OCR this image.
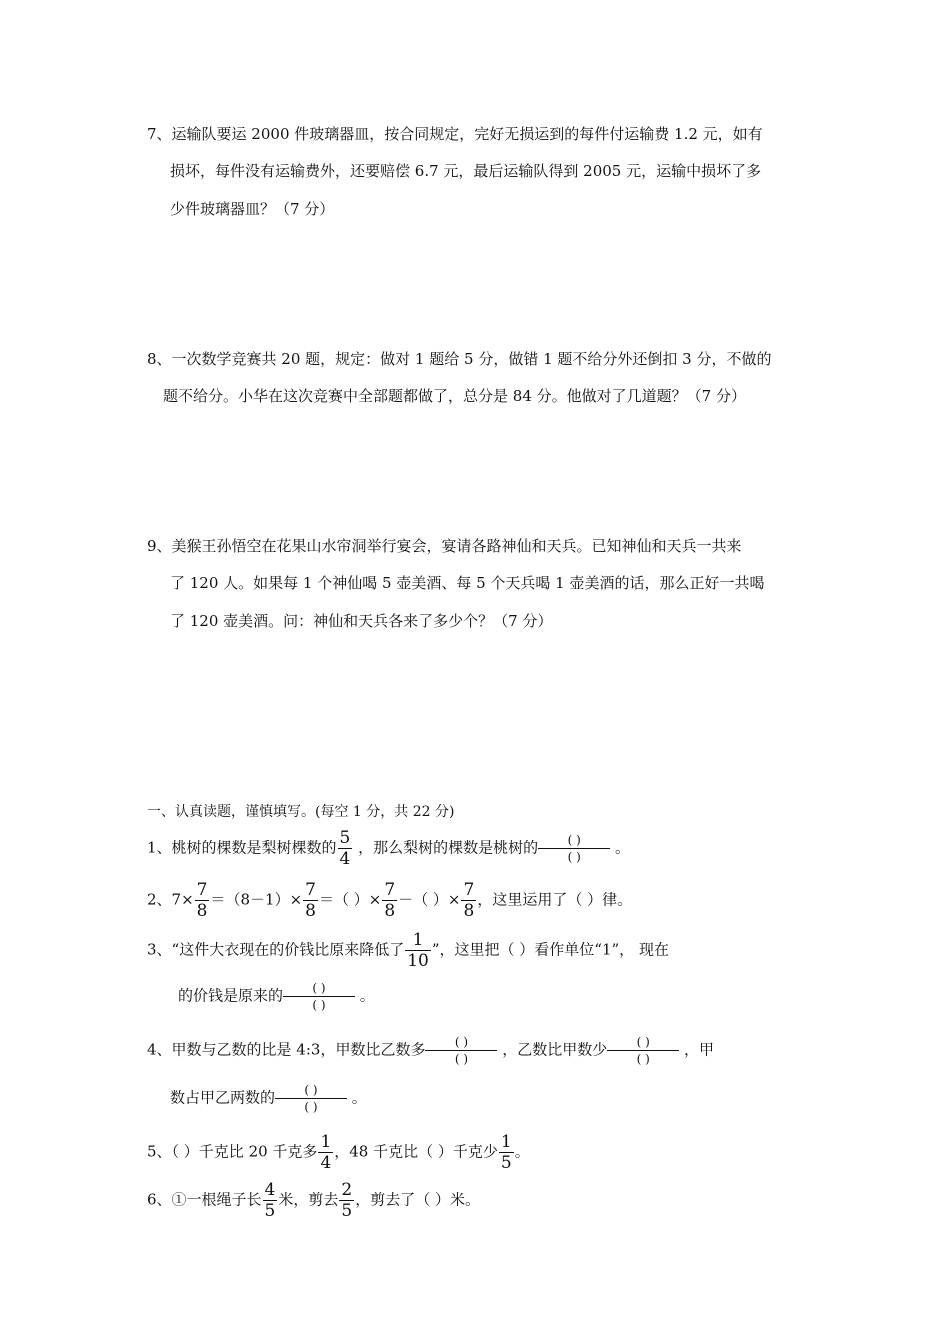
7、运输队要运 2000 件玻璃器皿，按合同规定，完好无损运到的每件付运输费 1.2 元，如有
损坏，每件没有运输费外，还要赔偿 6.7 元，最后运输队得到 2005 元，运输中损坏了多
少件玻璃器皿？（7 分）
8、一次数学竞赛共 20 题，规定：做对 1 题给 5 分，做错 1 题不给分外还倒扣 3 分，不做的
题不给分。小华在这次竞赛中全部题都做了，总分是 84 分。他做对了几道题？（7 分）
9、美猴王孙悟空在花果山水帘洞举行宴会，宴请各路神仙和天兵。已知神仙和天兵一共来
了 120 人。如果每 1 个神仙喝 5 壶美酒、每 5 个天兵喝 1 壶美酒的话，那么正好一共喝
了 120 壶美酒。问：神仙和天兵各来了多少个？（7 分）
一、认真读题，谨慎填写。(每空 1 分，共 22 分)
1、桃树的棵数是梨树棵数的 $\frac{5}{4}$ ，那么梨树的棵数是桃树的 $\frac{( )}{( )}$ 。
2、$7\times \frac{7}{8} =(8-1)\times \frac{7}{8}$ ＝（ ）× $\frac{7}{8}$ －（ ）× $\frac{7}{8}$ ，这里运用了（ ）律。
3、“这件大衣现在的价钱比原来降低了 $\frac{1}{10}$ ”，这里把（ ）看作单位“1”， 现在
的价钱是原来的 $\frac{( )}{( )}$ 。
4、甲数与乙数的比是 4:3，甲数比乙数多 $\frac{( )}{( )}$ ，乙数比甲数少 $\frac{( )}{( )}$ ，甲
数占甲乙两数的 $\frac{( )}{( )}$ 。
5、（ ）千克比 20 千克多 $\frac{1}{4}$ ，48 千克比（ ）千克少 $\frac{1}{5}$ 。
6、①一根绳子长 $\frac{4}{5}$ 米，剪去 $\frac{2}{5}$ ，剪去了（ ）米。
